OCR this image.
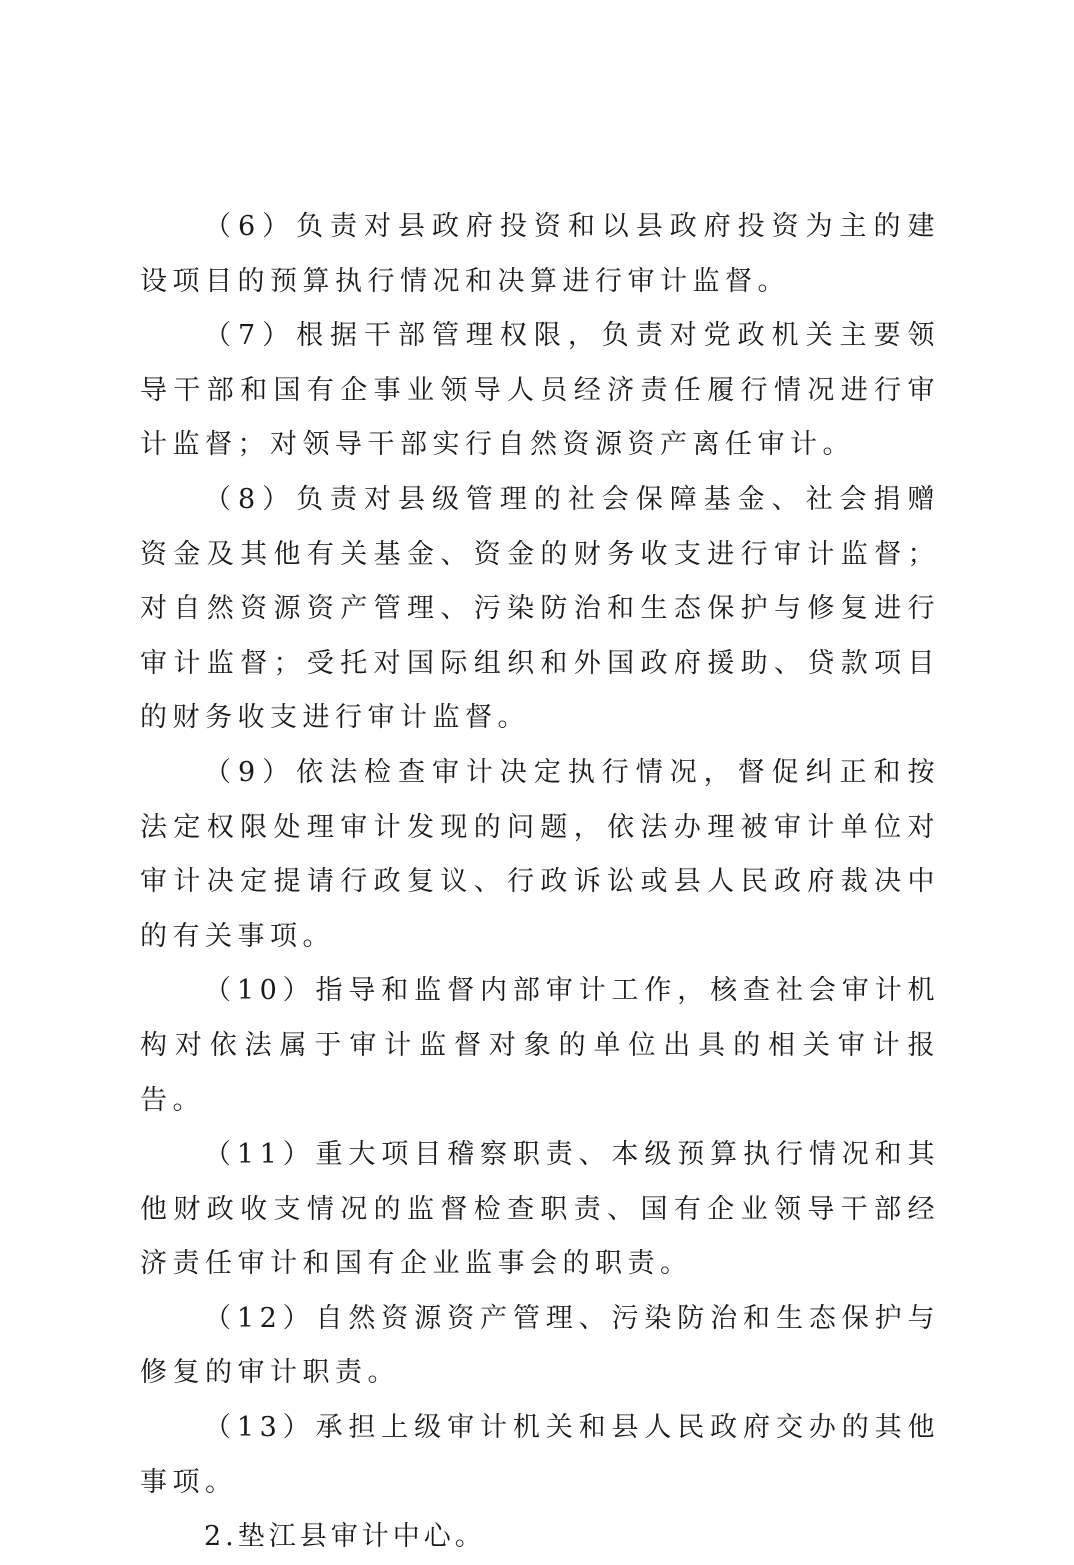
（6）负责对县政府投资和以县政府投资为主的建设项目的预算执行情况和决算进行审计监督。

（7）根据干部管理权限，负责对党政机关主要领导干部和国有企事业领导人员经济责任履行情况进行审计监督；对领导干部实行自然资源资产离任审计。

（8）负责对县级管理的社会保障基金、社会捐赠资金及其他有关基金、资金的财务收支进行审计监督；对自然资源资产管理、污染防治和生态保护与修复进行审计监督；受托对国际组织和外国政府援助、贷款项目的财务收支进行审计监督。

（9）依法检查审计决定执行情况，督促纠正和按法定权限处理审计发现的问题，依法办理被审计单位对审计决定提请行政复议、行政诉讼或县人民政府裁决中的有关事项。

（10）指导和监督内部审计工作，核查社会审计机构对依法属于审计监督对象的单位出具的相关审计报告。

（11）重大项目稽察职责、本级预算执行情况和其他财政收支情况的监督检查职责、国有企业领导干部经济责任审计和国有企业监事会的职责。

（12）自然资源资产管理、污染防治和生态保护与修复的审计职责。

（13）承担上级审计机关和县人民政府交办的其他事项。

2.垫江县审计中心。
